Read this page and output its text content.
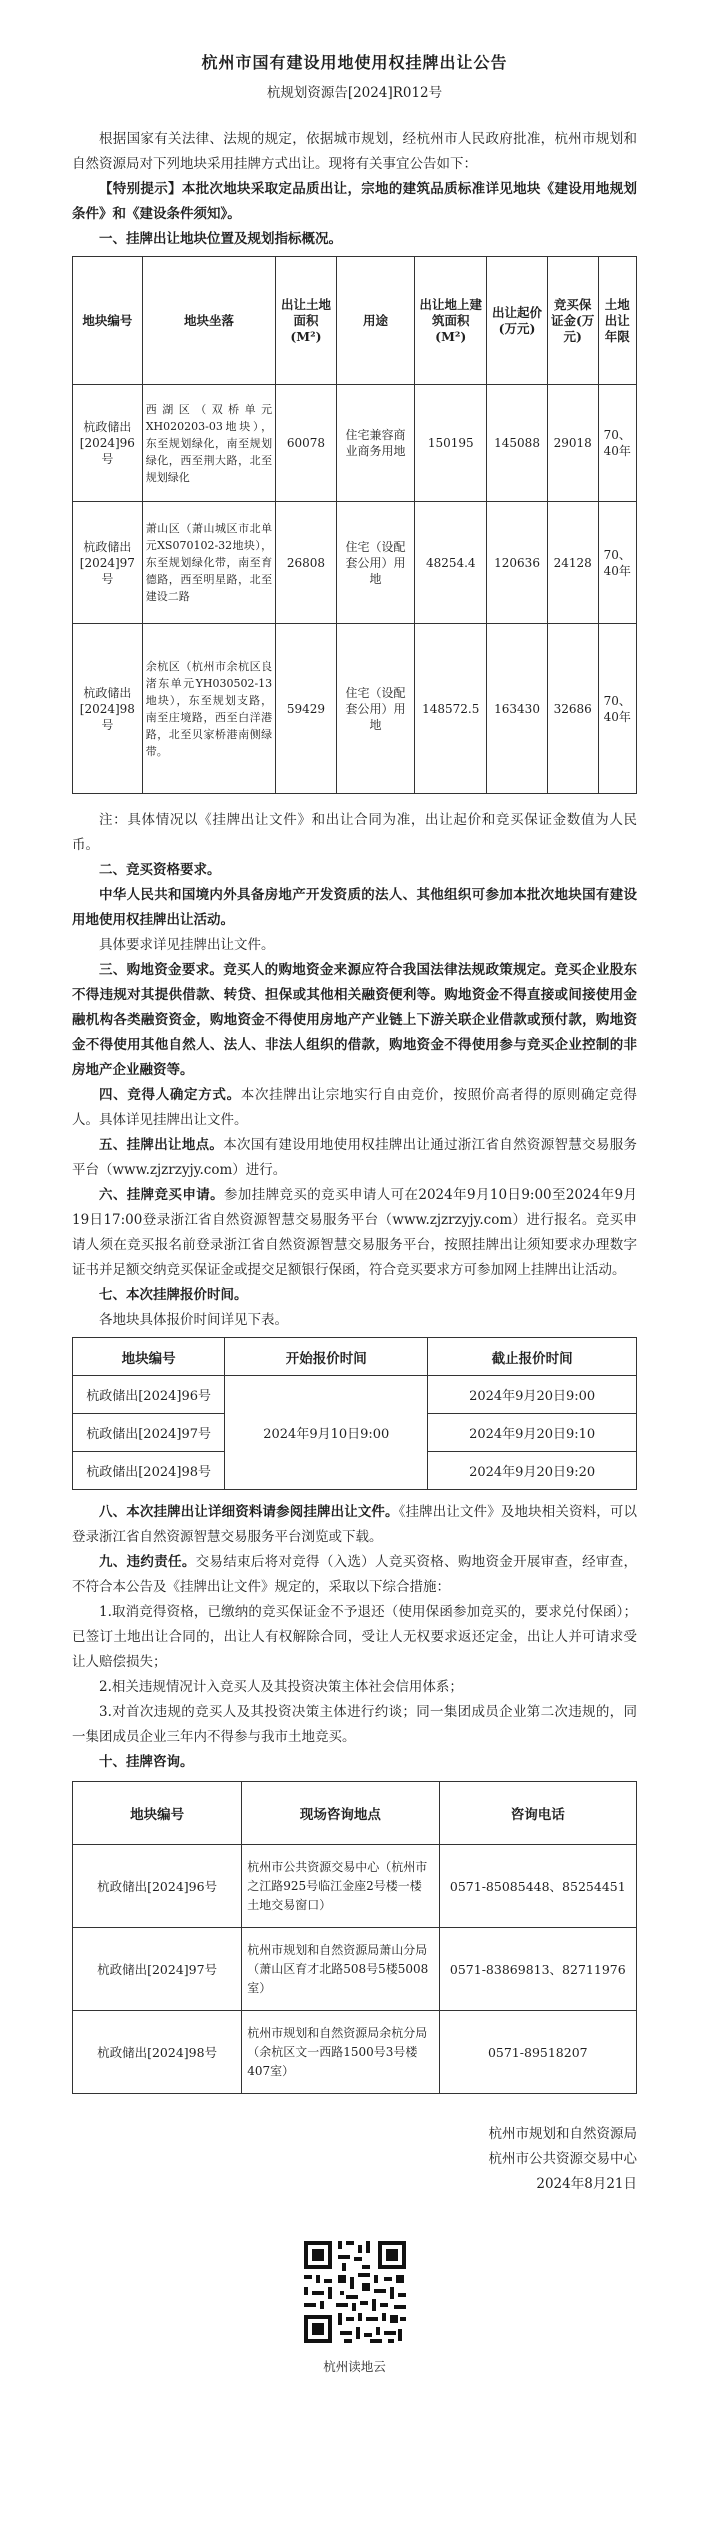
杭州市国有建设用地使用权挂牌出让公告
杭规划资源告[2024]R012号

根据国家有关法律、法规的规定，依据城市规划，经杭州市人民政府批准，杭州市规划和自然资源局对下列地块采用挂牌方式出让。现将有关事宜公告如下：

【特别提示】本批次地块采取定品质出让，宗地的建筑品质标准详见地块《建设用地规划条件》和《建设条件须知》。

一、挂牌出让地块位置及规划指标概况。

地块编号	地块坐落	出让土地面积(M²)	用途	出让地上建筑面积(M²)	出让起价(万元)	竞买保证金(万元)	土地出让年限
杭政储出[2024]96号	西湖区（双桥单元XH020203-03地块），东至规划绿化，南至规划绿化，西至荆大路，北至规划绿化	60078	住宅兼容商业商务用地	150195	145088	29018	70、40年
杭政储出[2024]97号	萧山区（萧山城区市北单元XS070102-32地块），东至规划绿化带，南至育德路，西至明星路，北至建设二路	26808	住宅（设配套公用）用地	48254.4	120636	24128	70、40年
杭政储出[2024]98号	余杭区（杭州市余杭区良渚东单元YH030502-13地块），东至规划支路，南至庄境路，西至白洋港路，北至贝家桥港南侧绿带。	59429	住宅（设配套公用）用地	148572.5	163430	32686	70、40年

注：具体情况以《挂牌出让文件》和出让合同为准，出让起价和竞买保证金数值为人民币。

二、竞买资格要求。

中华人民共和国境内外具备房地产开发资质的法人、其他组织可参加本批次地块国有建设用地使用权挂牌出让活动。

具体要求详见挂牌出让文件。

三、购地资金要求。竞买人的购地资金来源应符合我国法律法规政策规定。竞买企业股东不得违规对其提供借款、转贷、担保或其他相关融资便利等。购地资金不得直接或间接使用金融机构各类融资资金，购地资金不得使用房地产产业链上下游关联企业借款或预付款，购地资金不得使用其他自然人、法人、非法人组织的借款，购地资金不得使用参与竞买企业控制的非房地产企业融资等。

四、竞得人确定方式。本次挂牌出让宗地实行自由竞价，按照价高者得的原则确定竞得人。具体详见挂牌出让文件。

五、挂牌出让地点。本次国有建设用地使用权挂牌出让通过浙江省自然资源智慧交易服务平台（www.zjzrzyjy.com）进行。

六、挂牌竞买申请。参加挂牌竞买的竞买申请人可在2024年9月10日9:00至2024年9月19日17:00登录浙江省自然资源智慧交易服务平台（www.zjzrzyjy.com）进行报名。竞买申请人须在竞买报名前登录浙江省自然资源智慧交易服务平台，按照挂牌出让须知要求办理数字证书并足额交纳竞买保证金或提交足额银行保函，符合竞买要求方可参加网上挂牌出让活动。

七、本次挂牌报价时间。

各地块具体报价时间详见下表。

地块编号	开始报价时间	截止报价时间
杭政储出[2024]96号	2024年9月10日9:00	2024年9月20日9:00
杭政储出[2024]97号		2024年9月20日9:10
杭政储出[2024]98号		2024年9月20日9:20

八、本次挂牌出让详细资料请参阅挂牌出让文件。《挂牌出让文件》及地块相关资料，可以登录浙江省自然资源智慧交易服务平台浏览或下载。

九、违约责任。交易结束后将对竞得（入选）人竞买资格、购地资金开展审查，经审查，不符合本公告及《挂牌出让文件》规定的，采取以下综合措施：

1.取消竞得资格，已缴纳的竞买保证金不予退还（使用保函参加竞买的，要求兑付保函）；已签订土地出让合同的，出让人有权解除合同，受让人无权要求返还定金，出让人并可请求受让人赔偿损失；

2.相关违规情况计入竞买人及其投资决策主体社会信用体系；

3.对首次违规的竞买人及其投资决策主体进行约谈；同一集团成员企业第二次违规的，同一集团成员企业三年内不得参与我市土地竞买。

十、挂牌咨询。

地块编号	现场咨询地点	咨询电话
杭政储出[2024]96号	杭州市公共资源交易中心（杭州市之江路925号临江金座2号楼一楼土地交易窗口）	0571-85085448、85254451
杭政储出[2024]97号	杭州市规划和自然资源局萧山分局（萧山区育才北路508号5楼5008室）	0571-83869813、82711976
杭政储出[2024]98号	杭州市规划和自然资源局余杭分局（余杭区文一西路1500号3号楼407室）	0571-89518207
杭州市规划和自然资源局
杭州市公共资源交易中心
2024年8月21日
杭州读地云
